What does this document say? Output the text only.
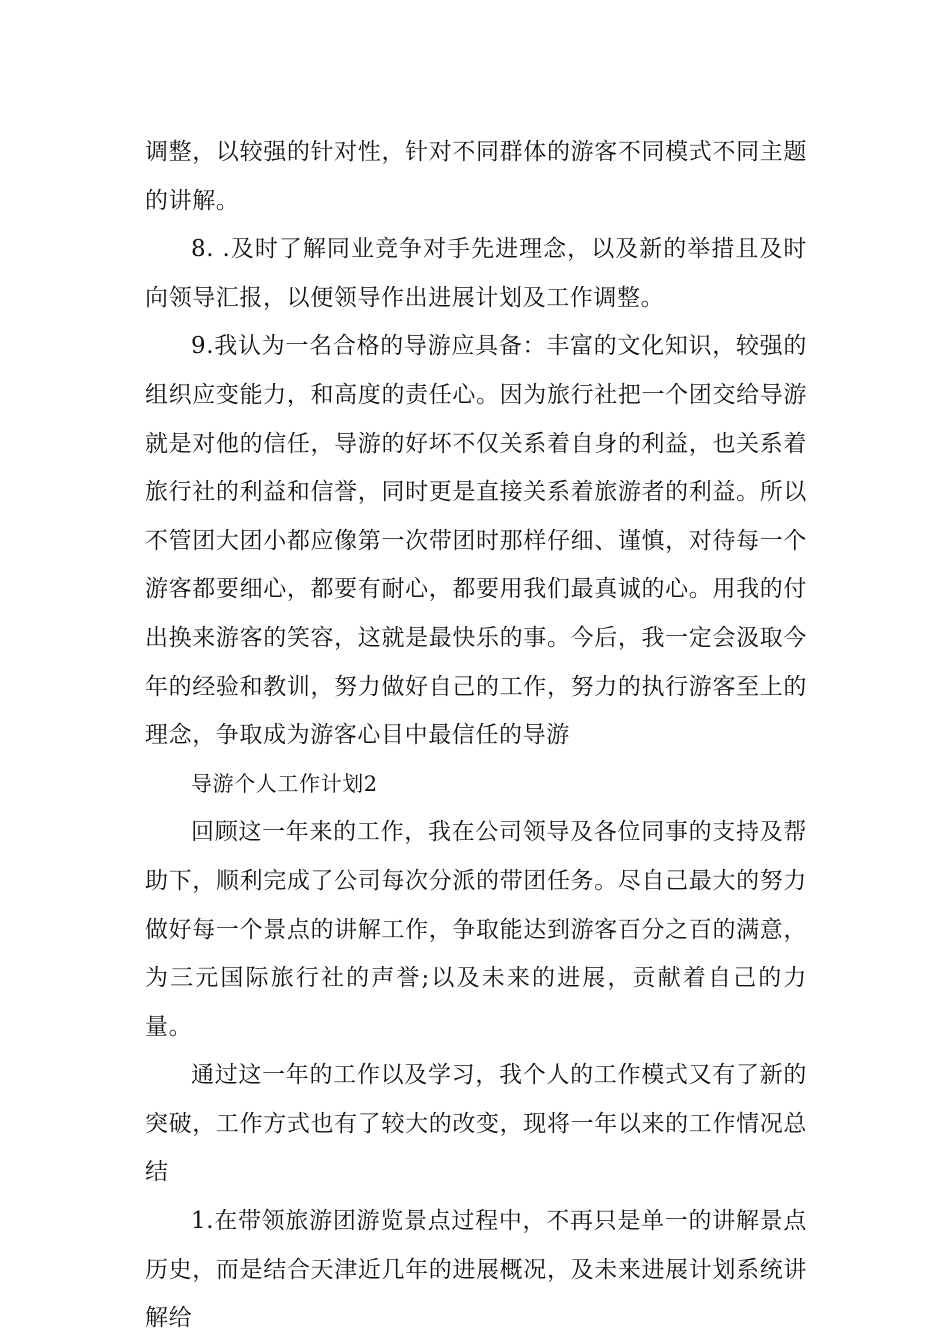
调整，以较强的针对性，针对不同群体的游客不同模式不同主题的讲解。

8. .及时了解同业竞争对手先进理念，以及新的举措且及时向领导汇报，以便领导作出进展计划及工作调整。

9.我认为一名合格的导游应具备：丰富的文化知识，较强的组织应变能力，和高度的责任心。因为旅行社把一个团交给导游就是对他的信任，导游的好坏不仅关系着自身的利益，也关系着旅行社的利益和信誉，同时更是直接关系着旅游者的利益。所以不管团大团小都应像第一次带团时那样仔细、谨慎，对待每一个游客都要细心，都要有耐心，都要用我们最真诚的心。用我的付出换来游客的笑容，这就是最快乐的事。今后，我一定会汲取今年的经验和教训，努力做好自己的工作，努力的执行游客至上的理念，争取成为游客心目中最信任的导游

导游个人工作计划2

回顾这一年来的工作，我在公司领导及各位同事的支持及帮助下，顺利完成了公司每次分派的带团任务。尽自己最大的努力做好每一个景点的讲解工作，争取能达到游客百分之百的满意，为三元国际旅行社的声誉;以及未来的进展，贡献着自己的力量。

通过这一年的工作以及学习，我个人的工作模式又有了新的突破，工作方式也有了较大的改变，现将一年以来的工作情况总结

1.在带领旅游团游览景点过程中，不再只是单一的讲解景点历史，而是结合天津近几年的进展概况，及未来进展计划系统讲解给
